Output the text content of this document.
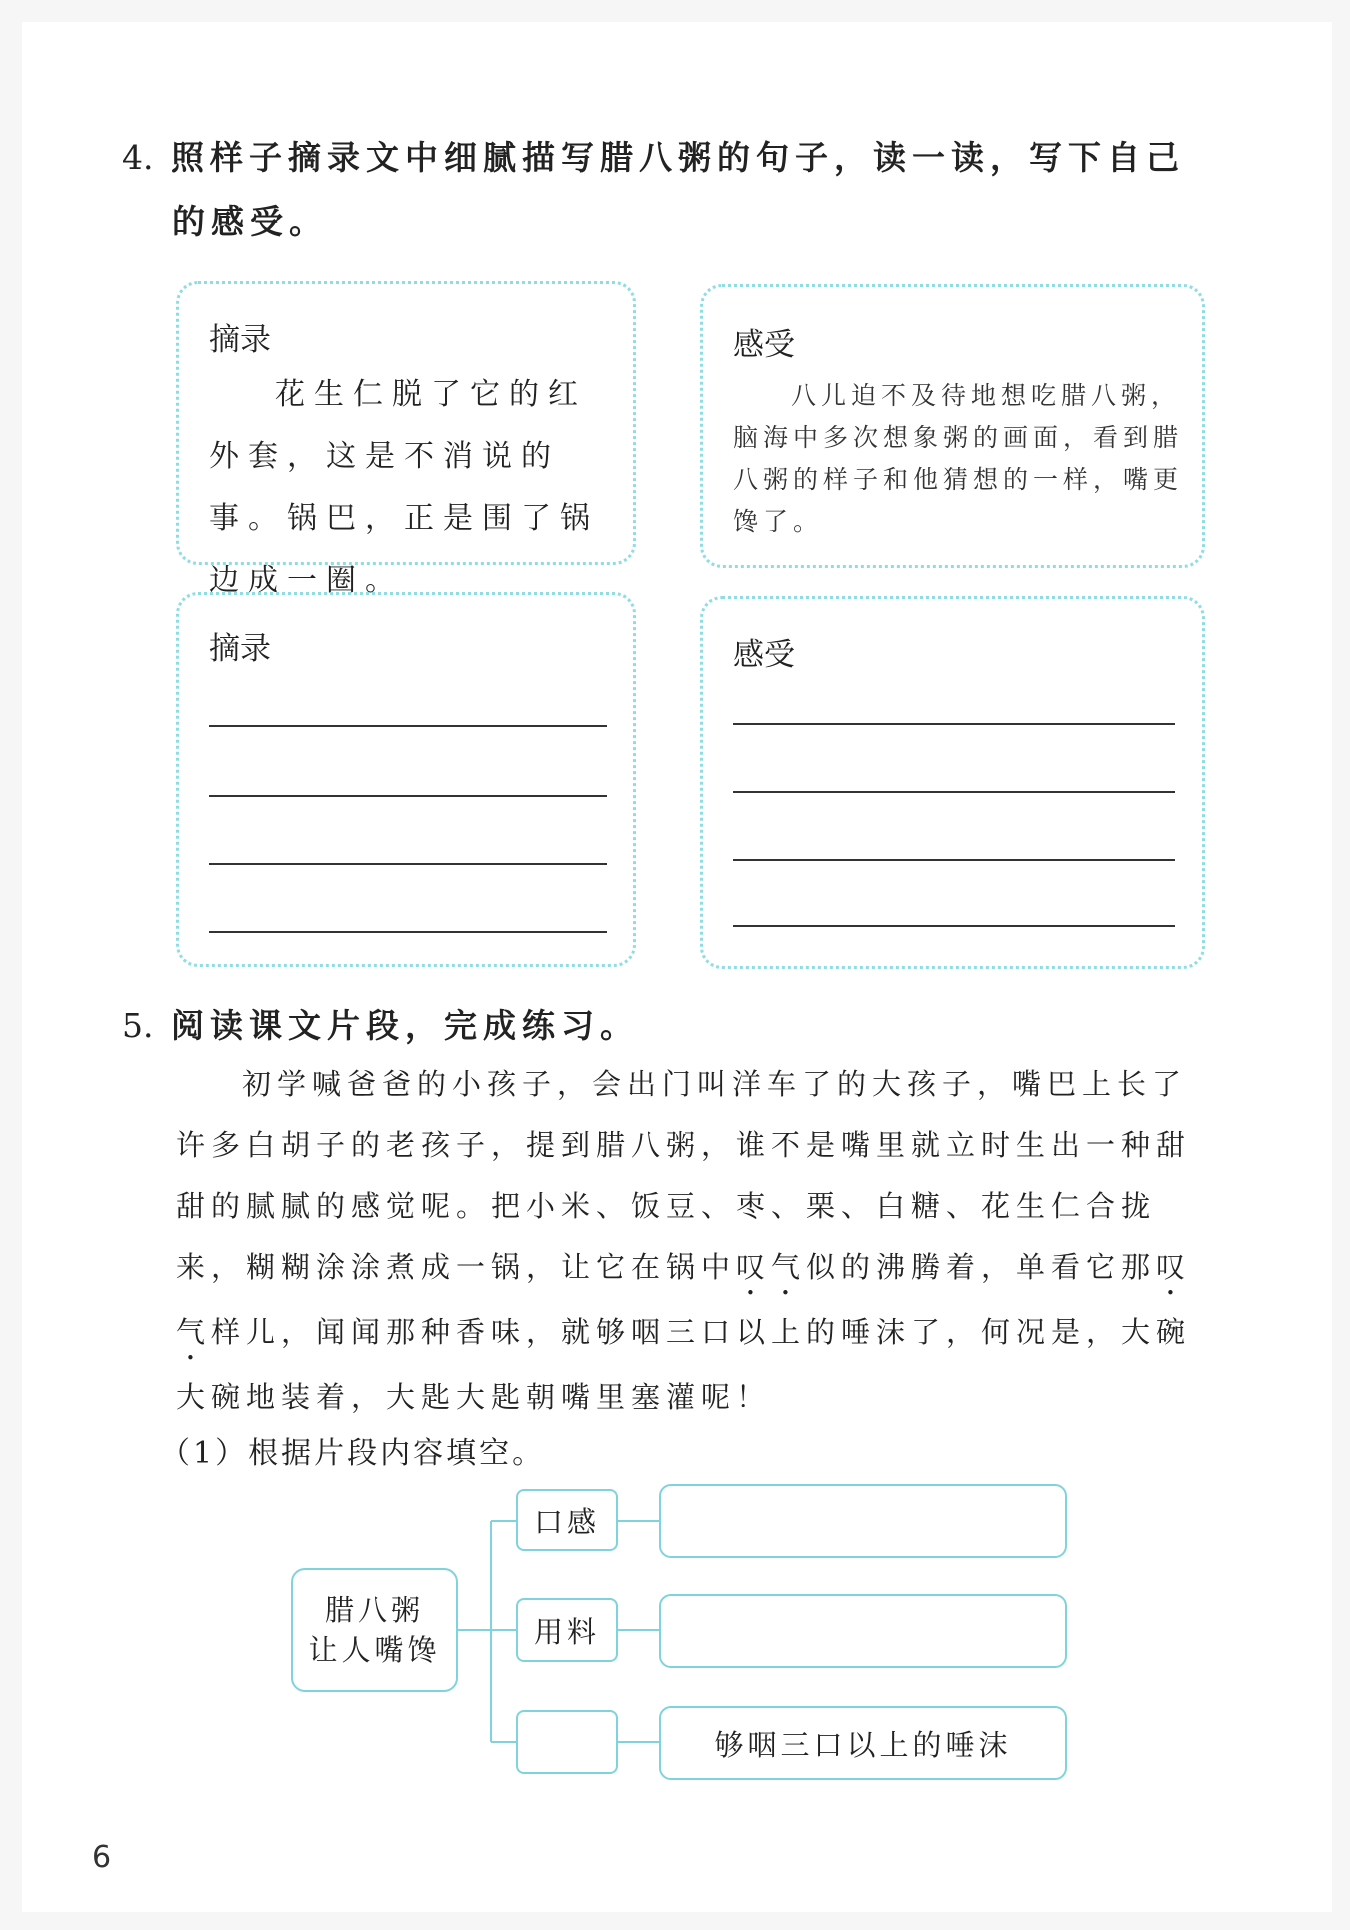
4. 照样子摘录文中细腻描写腊八粥的句子，读一读，写下自己
的感受。
摘录
花生仁脱了它的红外套，这是不消说的事。锅巴，正是围了锅边成一圈。
感受
八儿迫不及待地想吃腊八粥，脑海中多次想象粥的画面，看到腊八粥的样子和他猜想的一样，嘴更馋了。
摘录	感受
5. 阅读课文片段，完成练习。
初学喊爸爸的小孩子，会出门叫洋车了的大孩子，嘴巴上长了许多白胡子的老孩子，提到腊八粥，谁不是嘴里就立时生出一种甜甜的腻腻的感觉呢。把小米、饭豆、枣、栗、白糖、花生仁合拢来，糊糊涂涂煮成一锅，让它在锅中叹气似的沸腾着，单看它那叹气样儿，闻闻那种香味，就够咽三口以上的唾沫了，何况是，大碗大碗地装着，大匙大匙朝嘴里塞灌呢！
（1）根据片段内容填空。
腊八粥
让人嘴馋
口感
用料
够咽三口以上的唾沫
6
